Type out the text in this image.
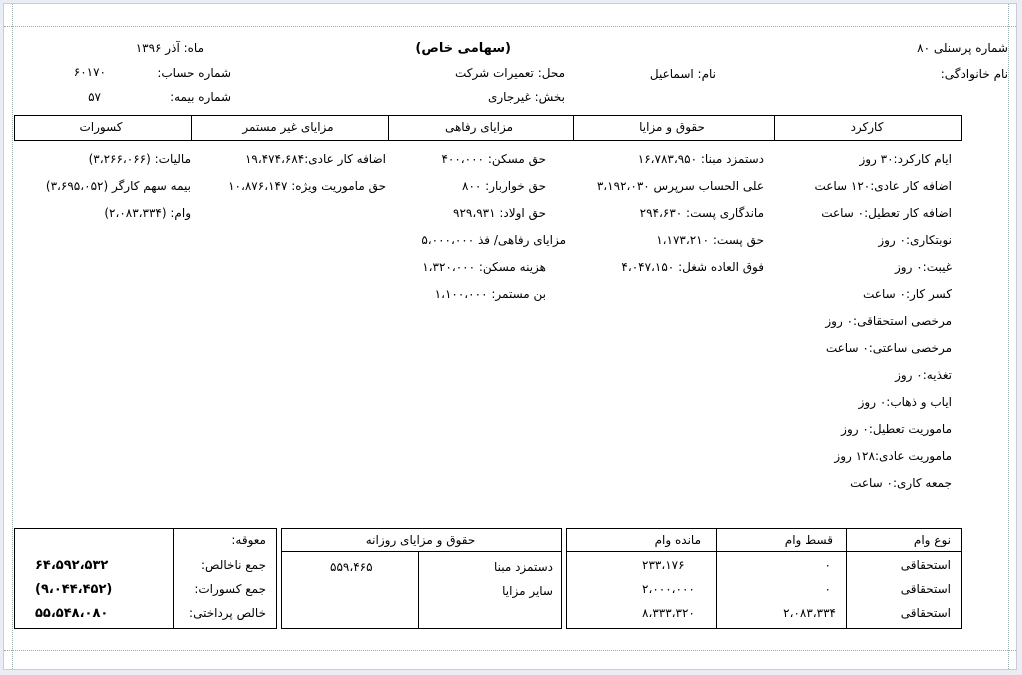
شماره پرسنلی ۸۰
نام خانوادگی:
نام: اسماعیل
(سهامی خاص)
محل: تعمیرات شرکت
بخش: غیرجاری
ماه: آذر ۱۳۹۶
شماره حساب:
۶۰۱۷۰
شماره بیمه:
۵۷
کارکرد
حقوق و مزایا
مزایای رفاهی
مزایای غیر مستمر
کسورات
ایام کارکرد:۳۰ روز
اضافه کار عادی:۱۲۰ ساعت
اضافه کار تعطیل:۰ ساعت
نوبتکاری:۰ روز
غیبت:۰ روز
کسر کار:۰ ساعت
مرخصی استحقاقی:۰ روز
مرخصی ساعتی:۰ ساعت
تغذیه:۰ روز
ایاب و ذهاب:۰ روز
ماموریت تعطیل:۰ روز
ماموریت عادی:۱۲۸ روز
جمعه کاری:۰ ساعت
دستمزد مبنا: ۱۶،۷۸۳،۹۵۰
علی الحساب سرپرس ۳،۱۹۲،۰۳۰
ماندگاری پست: ۲۹۴،۶۳۰
حق پست: ۱،۱۷۳،۲۱۰
فوق العاده شغل: ۴،۰۴۷،۱۵۰
حق مسکن: ۴۰۰،۰۰۰
حق خواربار: ۸۰۰
حق اولاد: ۹۲۹،۹۳۱
مزایای رفاهی/ فذ ۵،۰۰۰،۰۰۰
هزینه مسکن: ۱،۳۲۰،۰۰۰
بن مستمر: ۱،۱۰۰،۰۰۰
اضافه کار عادی:۱۹،۴۷۴،۶۸۴
حق ماموریت ویژه: ۱۰،۸۷۶،۱۴۷
مالیات: (۳،۲۶۶،۰۶۶)
بیمه سهم کارگر (۳،۶۹۵،۰۵۲)
وام: (۲،۰۸۳،۳۳۴)
نوع وام
قسط وام
مانده وام
استحقاقی
۰
۲۳۳،۱۷۶
استحقاقی
۰
۲،۰۰۰،۰۰۰
استحقاقی
۲،۰۸۳،۳۳۴
۸،۳۳۳،۳۲۰
حقوق و مزایای روزانه
دستمزد مبنا
۵۵۹،۴۶۵
سایر مزایا
معوقه:
جمع ناخالص:
۶۴،۵۹۲،۵۳۲
جمع کسورات:
(۹،۰۴۴،۴۵۲)
خالص پرداختی:
۵۵،۵۴۸،۰۸۰
